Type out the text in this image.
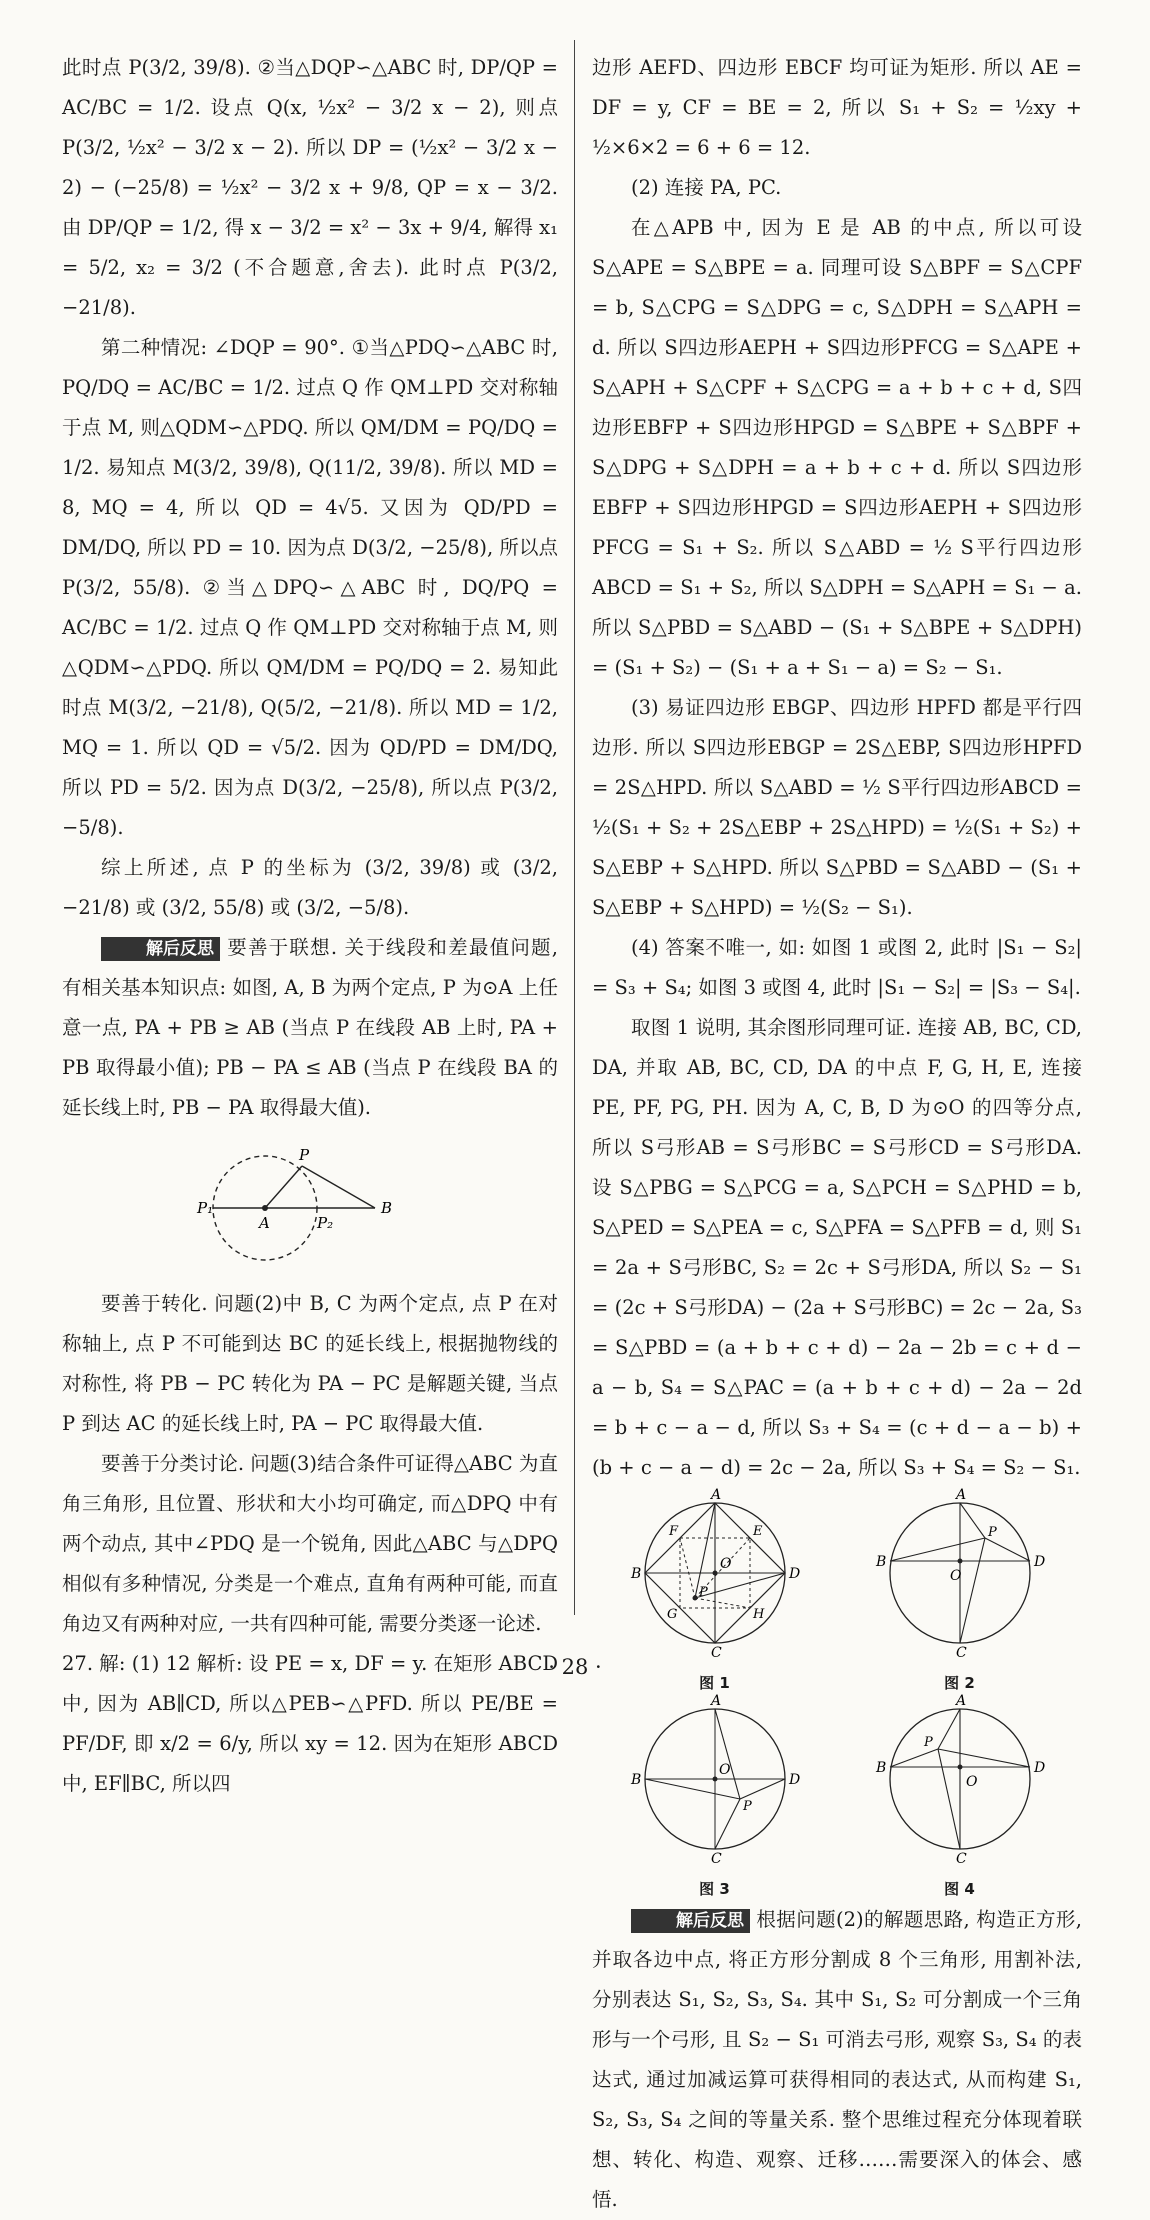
此时点 P(3/2, 39/8). ②当△DQP∽△ABC 时, DP/QP = AC/BC = 1/2. 设点 Q(x, ½x² − 3/2 x − 2), 则点 P(3/2, ½x² − 3/2 x − 2). 所以 DP = (½x² − 3/2 x − 2) − (−25/8) = ½x² − 3/2 x + 9/8, QP = x − 3/2. 由 DP/QP = 1/2, 得 x − 3/2 = x² − 3x + 9/4, 解得 x₁ = 5/2, x₂ = 3/2 (不合题意,舍去). 此时点 P(3/2, −21/8).

第二种情况: ∠DQP = 90°. ①当△PDQ∽△ABC 时, PQ/DQ = AC/BC = 1/2. 过点 Q 作 QM⊥PD 交对称轴于点 M, 则△QDM∽△PDQ. 所以 QM/DM = PQ/DQ = 1/2. 易知点 M(3/2, 39/8), Q(11/2, 39/8). 所以 MD = 8, MQ = 4, 所以 QD = 4√5. 又因为 QD/PD = DM/DQ, 所以 PD = 10. 因为点 D(3/2, −25/8), 所以点 P(3/2, 55/8). ②当△DPQ∽△ABC 时, DQ/PQ = AC/BC = 1/2. 过点 Q 作 QM⊥PD 交对称轴于点 M, 则△QDM∽△PDQ. 所以 QM/DM = PQ/DQ = 2. 易知此时点 M(3/2, −21/8), Q(5/2, −21/8). 所以 MD = 1/2, MQ = 1. 所以 QD = √5/2. 因为 QD/PD = DM/DQ, 所以 PD = 5/2. 因为点 D(3/2, −25/8), 所以点 P(3/2, −5/8).

综上所述, 点 P 的坐标为 (3/2, 39/8) 或 (3/2, −21/8) 或 (3/2, 55/8) 或 (3/2, −5/8).

解后反思 要善于联想. 关于线段和差最值问题, 有相关基本知识点: 如图, A, B 为两个定点, P 为⊙A 上任意一点, PA + PB ≥ AB (当点 P 在线段 AB 上时, PA + PB 取得最小值); PB − PA ≤ AB (当点 P 在线段 BA 的延长线上时, PB − PA 取得最大值).

P
A
B
P₁
P₂

要善于转化. 问题(2)中 B, C 为两个定点, 点 P 在对称轴上, 点 P 不可能到达 BC 的延长线上, 根据抛物线的对称性, 将 PB − PC 转化为 PA − PC 是解题关键, 当点 P 到达 AC 的延长线上时, PA − PC 取得最大值.

要善于分类讨论. 问题(3)结合条件可证得△ABC 为直角三角形, 且位置、形状和大小均可确定, 而△DPQ 中有两个动点, 其中∠PDQ 是一个锐角, 因此△ABC 与△DPQ 相似有多种情况, 分类是一个难点, 直角有两种可能, 而直角边又有两种对应, 一共有四种可能, 需要分类逐一论述.

27. 解: (1) 12 解析: 设 PE = x, DF = y. 在矩形 ABCD 中, 因为 AB∥CD, 所以△PEB∽△PFD. 所以 PE/BE = PF/DF, 即 x/2 = 6/y, 所以 xy = 12. 因为在矩形 ABCD 中, EF∥BC, 所以四

边形 AEFD、四边形 EBCF 均可证为矩形. 所以 AE = DF = y, CF = BE = 2, 所以 S₁ + S₂ = ½xy + ½×6×2 = 6 + 6 = 12.

(2) 连接 PA, PC.

在△APB 中, 因为 E 是 AB 的中点, 所以可设 S△APE = S△BPE = a. 同理可设 S△BPF = S△CPF = b, S△CPG = S△DPG = c, S△DPH = S△APH = d. 所以 S四边形AEPH + S四边形PFCG = S△APE + S△APH + S△CPF + S△CPG = a + b + c + d, S四边形EBFP + S四边形HPGD = S△BPE + S△BPF + S△DPG + S△DPH = a + b + c + d. 所以 S四边形EBFP + S四边形HPGD = S四边形AEPH + S四边形PFCG = S₁ + S₂. 所以 S△ABD = ½ S平行四边形ABCD = S₁ + S₂, 所以 S△DPH = S△APH = S₁ − a. 所以 S△PBD = S△ABD − (S₁ + S△BPE + S△DPH) = (S₁ + S₂) − (S₁ + a + S₁ − a) = S₂ − S₁.

(3) 易证四边形 EBGP、四边形 HPFD 都是平行四边形. 所以 S四边形EBGP = 2S△EBP, S四边形HPFD = 2S△HPD. 所以 S△ABD = ½ S平行四边形ABCD = ½(S₁ + S₂ + 2S△EBP + 2S△HPD) = ½(S₁ + S₂) + S△EBP + S△HPD. 所以 S△PBD = S△ABD − (S₁ + S△EBP + S△HPD) = ½(S₂ − S₁).

(4) 答案不唯一, 如: 如图 1 或图 2, 此时 |S₁ − S₂| = S₃ + S₄; 如图 3 或图 4, 此时 |S₁ − S₂| = |S₃ − S₄|.

取图 1 说明, 其余图形同理可证. 连接 AB, BC, CD, DA, 并取 AB, BC, CD, DA 的中点 F, G, H, E, 连接 PE, PF, PG, PH. 因为 A, C, B, D 为⊙O 的四等分点, 所以 S弓形AB = S弓形BC = S弓形CD = S弓形DA. 设 S△PBG = S△PCG = a, S△PCH = S△PHD = b, S△PED = S△PEA = c, S△PFA = S△PFB = d, 则 S₁ = 2a + S弓形BC, S₂ = 2c + S弓形DA, 所以 S₂ − S₁ = (2c + S弓形DA) − (2a + S弓形BC) = 2c − 2a, S₃ = S△PBD = (a + b + c + d) − 2a − 2b = c + d − a − b, S₄ = S△PAC = (a + b + c + d) − 2a − 2d = b + c − a − d, 所以 S₃ + S₄ = (c + d − a − b) + (b + c − a − d) = 2c − 2a, 所以 S₃ + S₄ = S₂ − S₁.

A
B	D
C
O
P
F	E
G	H
图 1
A
B	D
C
O
P
图 2
A
B	D
C
O
P
图 3
A
B	D
C
O
P
图 4

解后反思 根据问题(2)的解题思路, 构造正方形, 并取各边中点, 将正方形分割成 8 个三角形, 用割补法, 分别表达 S₁, S₂, S₃, S₄. 其中 S₁, S₂ 可分割成一个三角形与一个弓形, 且 S₂ − S₁ 可消去弓形, 观察 S₃, S₄ 的表达式, 通过加减运算可获得相同的表达式, 从而构建 S₁, S₂, S₃, S₄ 之间的等量关系. 整个思维过程充分体现着联想、转化、构造、观察、迁移……需要深入的体会、感悟.

· 28 ·
